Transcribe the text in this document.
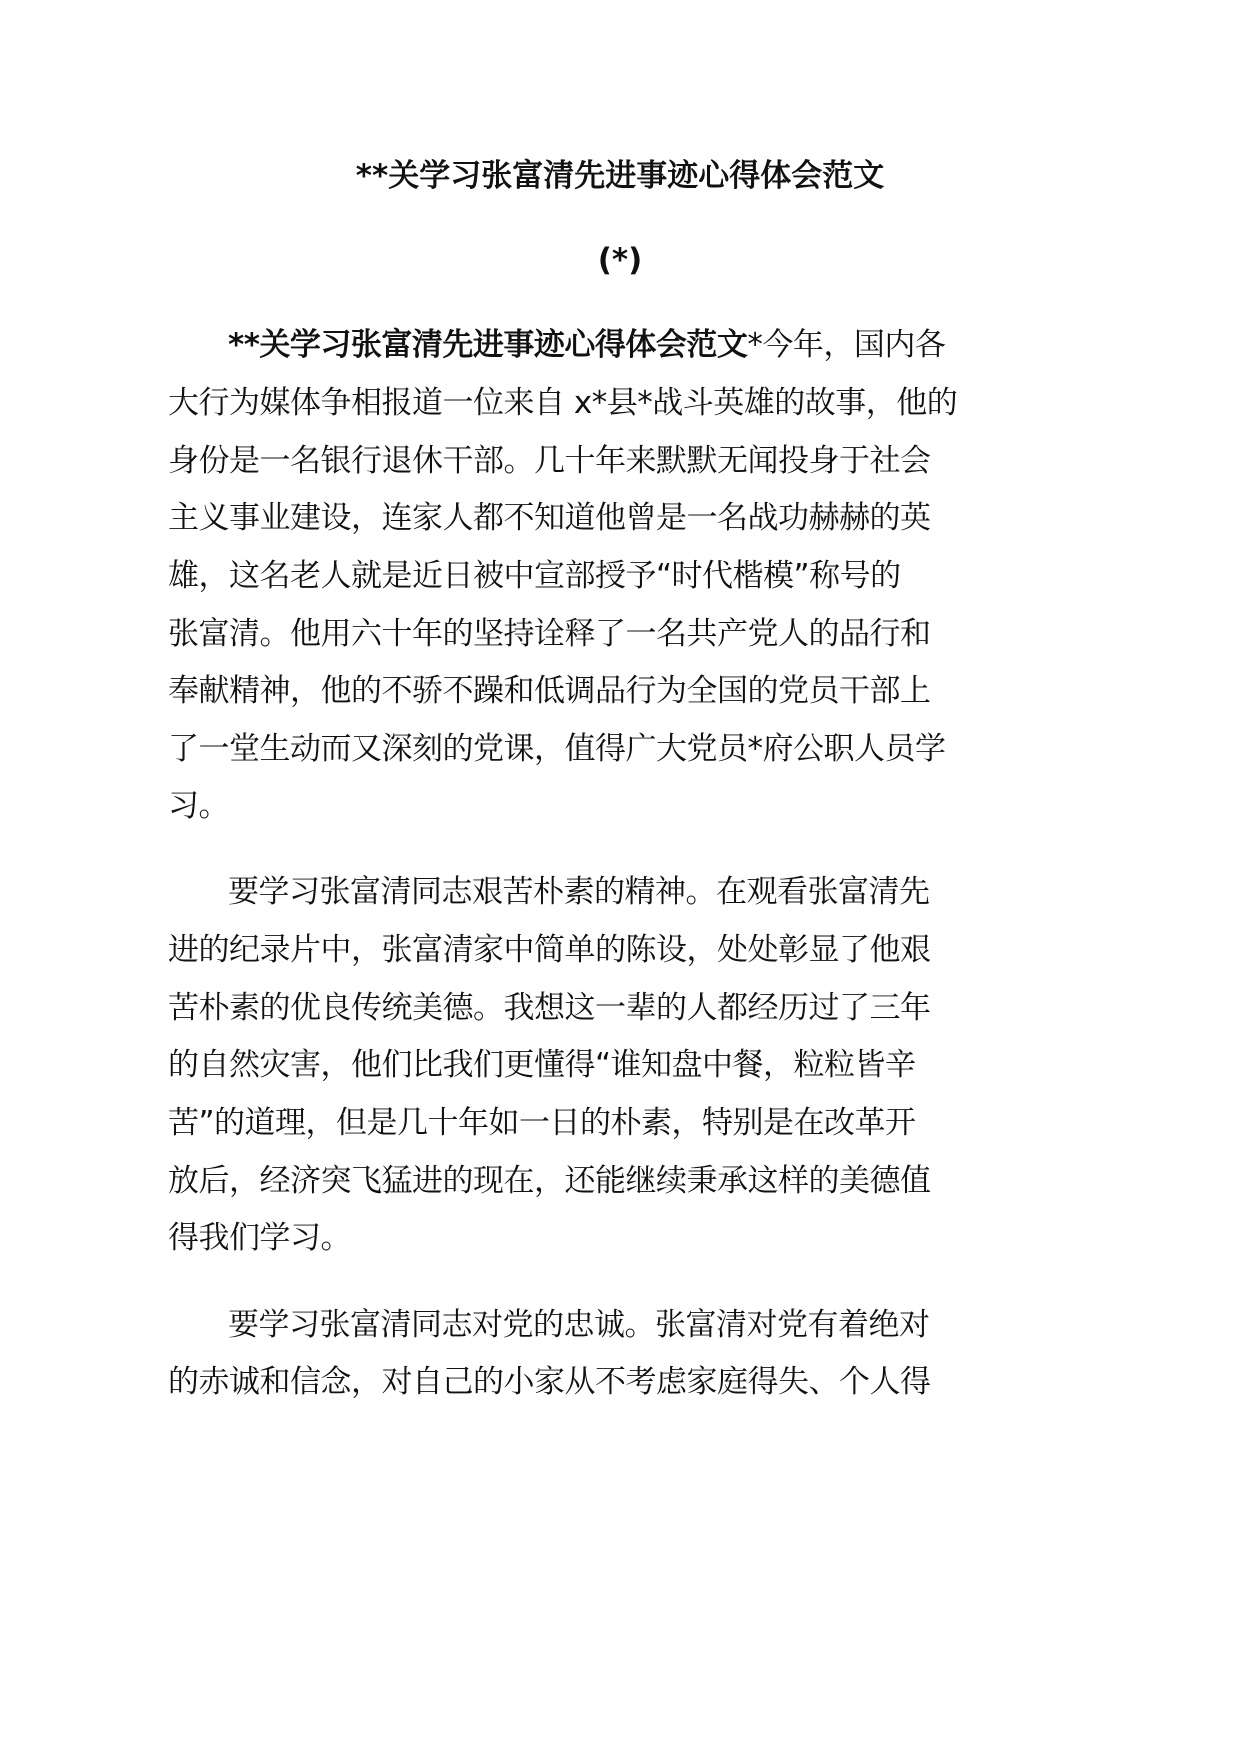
**关学习张富清先进事迹心得体会范文
(*)
**关学习张富清先进事迹心得体会范文*今年，国内各
大行为媒体争相报道一位来自 x*县*战斗英雄的故事，他的
身份是一名银行退休干部。几十年来默默无闻投身于社会
主义事业建设，连家人都不知道他曾是一名战功赫赫的英
雄，这名老人就是近日被中宣部授予“时代楷模”称号的
张富清。他用六十年的坚持诠释了一名共产党人的品行和
奉献精神，他的不骄不躁和低调品行为全国的党员干部上
了一堂生动而又深刻的党课，值得广大党员*府公职人员学
习。
要学习张富清同志艰苦朴素的精神。在观看张富清先
进的纪录片中，张富清家中简单的陈设，处处彰显了他艰
苦朴素的优良传统美德。我想这一辈的人都经历过了三年
的自然灾害，他们比我们更懂得“谁知盘中餐，粒粒皆辛
苦”的道理，但是几十年如一日的朴素，特别是在改革开
放后，经济突飞猛进的现在，还能继续秉承这样的美德值
得我们学习。
要学习张富清同志对党的忠诚。张富清对党有着绝对
的赤诚和信念，对自己的小家从不考虑家庭得失、个人得
